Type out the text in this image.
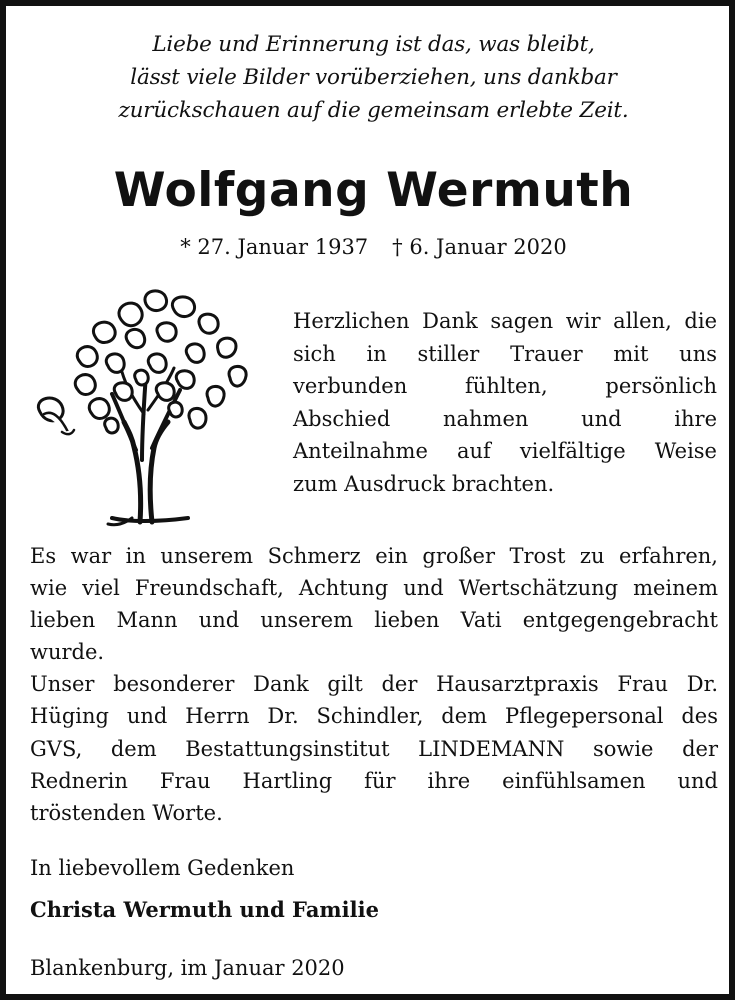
Liebe und Erinnerung ist das, was bleibt,
lässt viele Bilder vorüberziehen, uns dankbar
zurückschauen auf die gemeinsam erlebte Zeit.
Wolfgang Wermuth
* 27. Januar 1937 † 6. Januar 2020
Herzlichen Dank sagen wir allen, die
sich in stiller Trauer mit uns
verbunden fühlten, persönlich
Abschied nahmen und ihre
Anteilnahme auf vielfältige Weise
zum Ausdruck brachten.
Es war in unserem Schmerz ein großer Trost zu erfahren,
wie viel Freundschaft, Achtung und Wertschätzung meinem
lieben Mann und unserem lieben Vati entgegengebracht
wurde.
Unser besonderer Dank gilt der Hausarztpraxis Frau Dr.
Hüging und Herrn Dr. Schindler, dem Pflegepersonal des
GVS, dem Bestattungsinstitut LINDEMANN sowie der
Rednerin Frau Hartling für ihre einfühlsamen und
tröstenden Worte.
In liebevollem Gedenken
Christa Wermuth und Familie
Blankenburg, im Januar 2020
